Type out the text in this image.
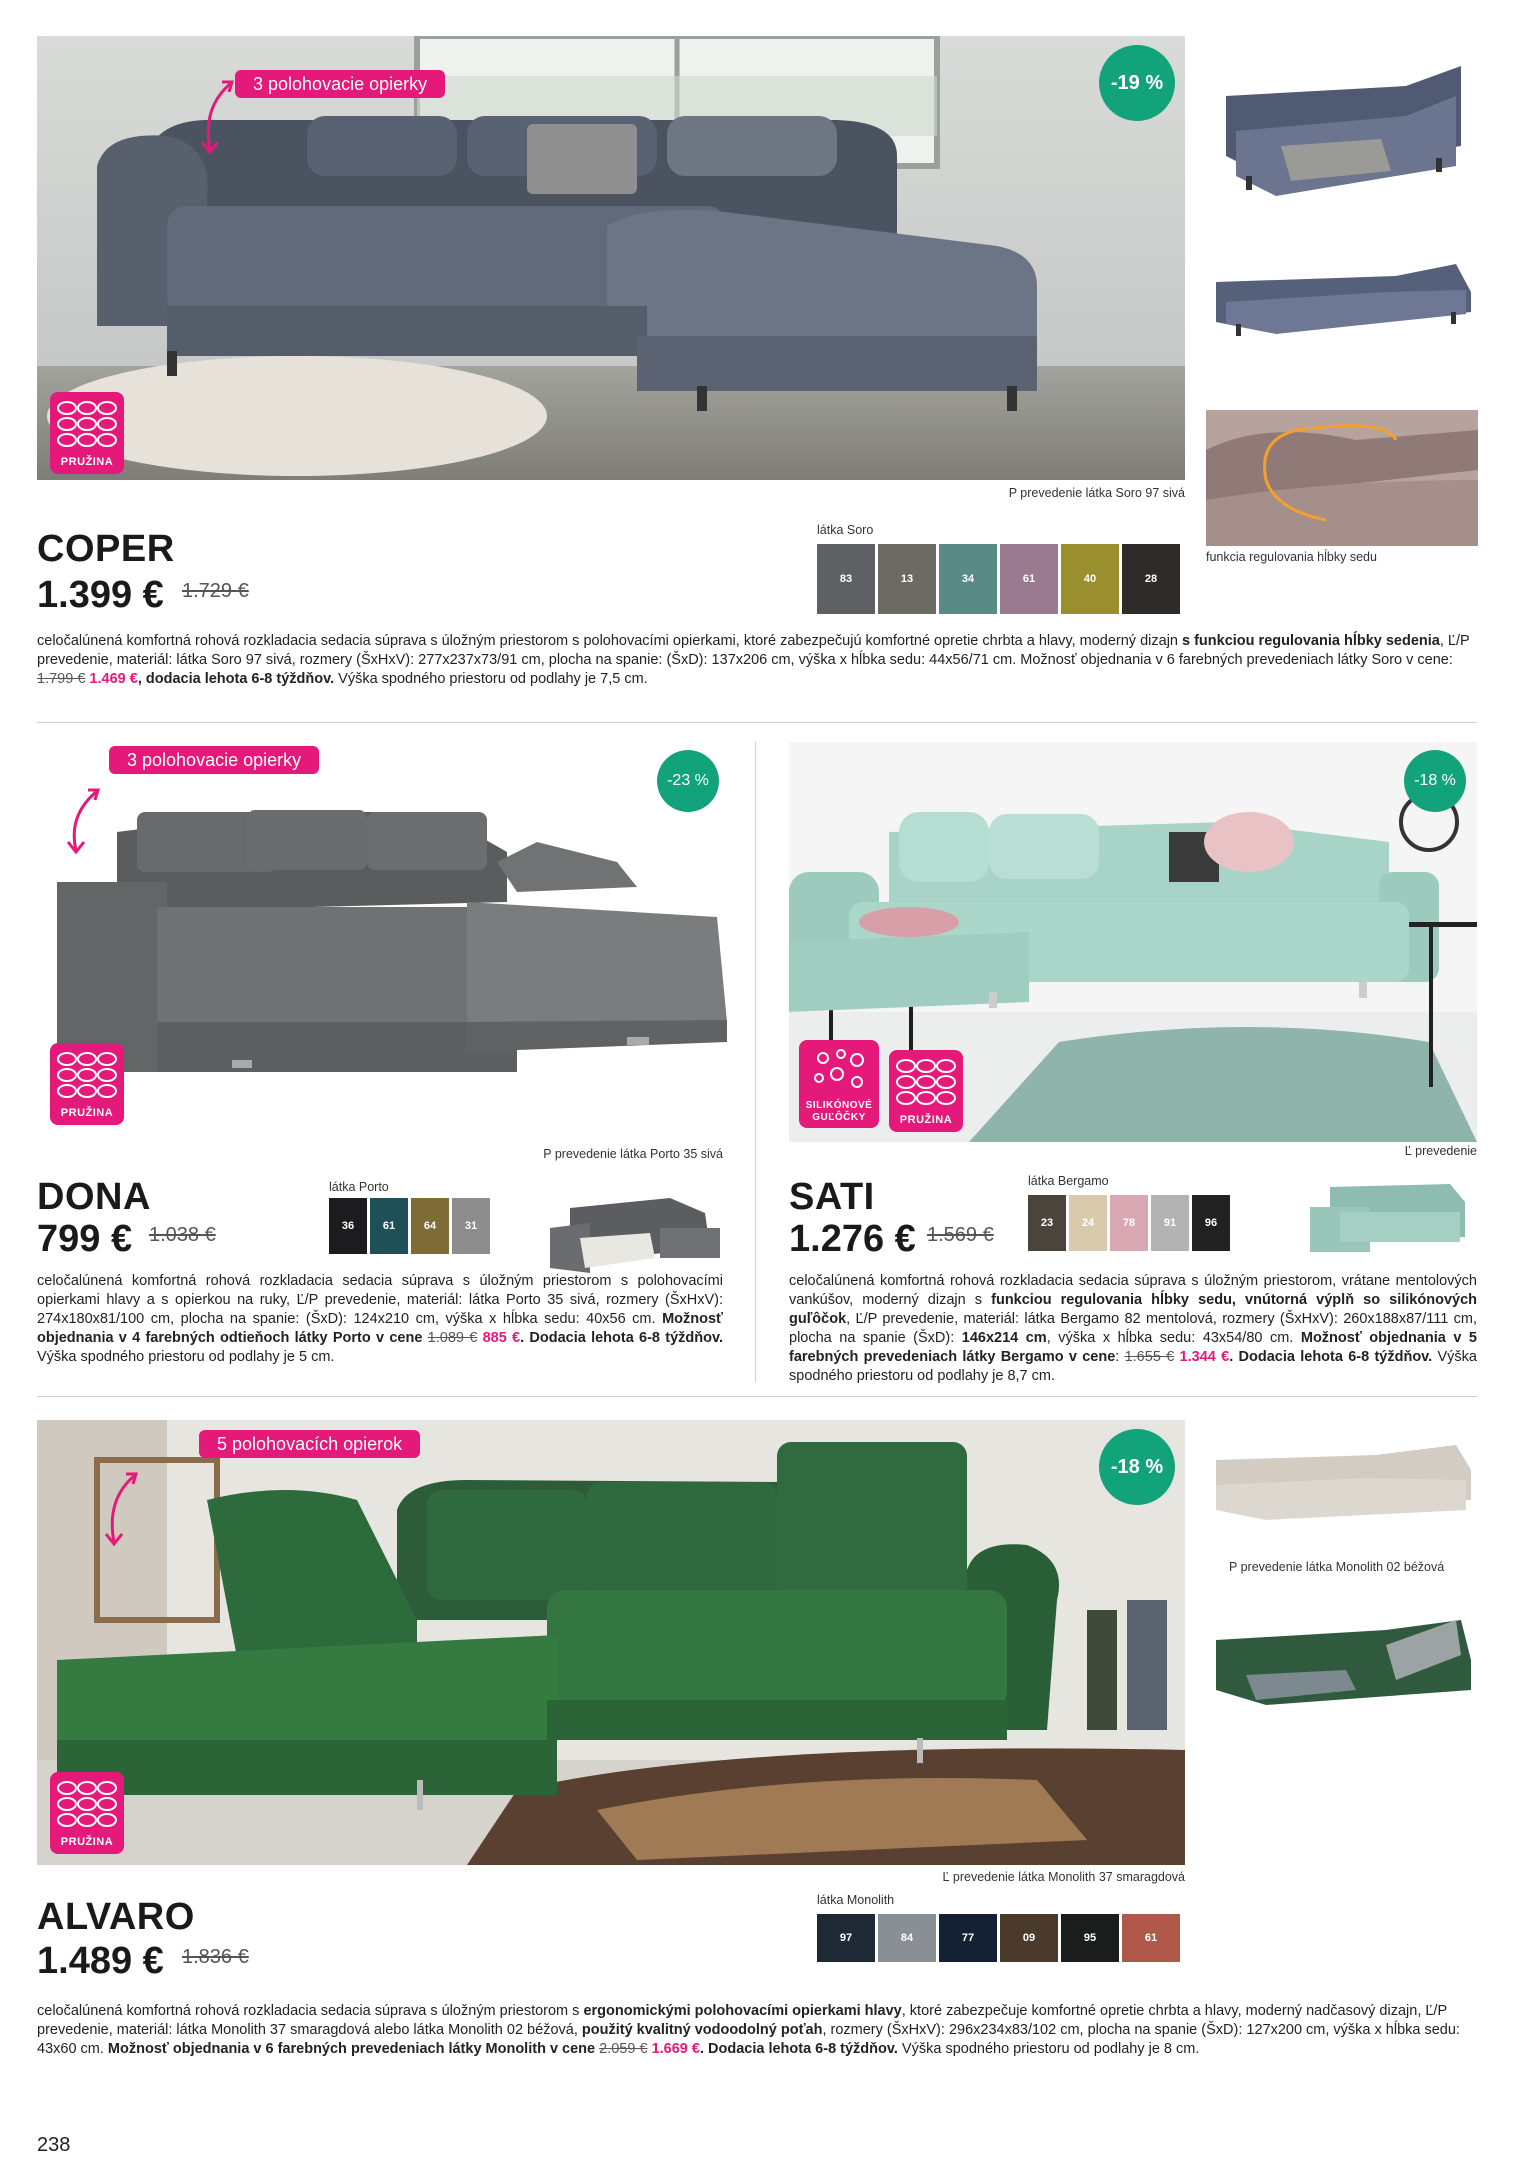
3 polohovacie opierky	-19 %
PRUŽINA
P prevedenie látka Soro 97 sivá
funkcia regulovania hĺbky sedu
COPER
1.399 € 1.729 €
látka Soro
83	13	34	61	40	28
celočalúnená komfortná rohová rozkladacia sedacia súprava s úložným priestorom s polohovacími opierkami, ktoré zabezpečujú komfortné opretie chrbta a hlavy, moderný dizajn s funkciou regulovania hĺbky sedenia, Ľ/P prevedenie, materiál: látka Soro 97 sivá, rozmery (ŠxHxV): 277x237x73/91 cm, plocha na spanie: (ŠxD): 137x206 cm, výška x hĺbka sedu: 44x56/71 cm. Možnosť objednania v 6 farebných prevedeniach látky Soro v cene: 1.799 € 1.469 €, dodacia lehota 6-8 týždňov. Výška spodného priestoru od podlahy je 7,5 cm.
3 polohovacie opierky
-23 %
PRUŽINA
P prevedenie látka Porto 35 sivá
DONA
799 € 1.038 €
látka Porto
36	61	64	31
celočalúnená komfortná rohová rozkladacia sedacia súprava s úložným priestorom s polohovacími opierkami hlavy a s opierkou na ruky, Ľ/P prevedenie, materiál: látka Porto 35 sivá, rozmery (ŠxHxV): 274x180x81/100 cm, plocha na spanie: (ŠxD): 124x210 cm, výška x hĺbka sedu: 40x56 cm. Možnosť objednania v 4 farebných odtieňoch látky Porto v cene 1.089 € 885 €. Dodacia lehota 6-8 týždňov. Výška spodného priestoru od podlahy je 5 cm.
-18 %
SILIKÓNOVÉ
GUĽÔČKY	PRUŽINA
Ľ prevedenie
SATI
1.276 € 1.569 €
látka Bergamo
23	24	78	91	96
celočalúnená komfortná rohová rozkladacia sedacia súprava s úložným priestorom, vrátane mentolových vankúšov, moderný dizajn s funkciou regulovania hĺbky sedu, vnútorná výplň so silikónových guľôčok, Ľ/P prevedenie, materiál: látka Bergamo 82 mentolová, rozmery (ŠxHxV): 260x188x87/111 cm, plocha na spanie (ŠxD): 146x214 cm, výška x hĺbka sedu: 43x54/80 cm. Možnosť objednania v 5 farebných prevedeniach látky Bergamo v cene: 1.655 € 1.344 €. Dodacia lehota 6-8 týždňov. Výška spodného priestoru od podlahy je 8,7 cm.
5 polohovacích opierok
-18 %
PRUŽINA
Ľ prevedenie látka Monolith 37 smaragdová
P prevedenie látka Monolith 02 béžová
ALVARO
1.489 € 1.836 €
látka Monolith
97	84	77	09	95	61
celočalúnená komfortná rohová rozkladacia sedacia súprava s úložným priestorom s ergonomickými polohovacími opierkami hlavy, ktoré zabezpečuje komfortné opretie chrbta a hlavy, moderný nadčasový dizajn, Ľ/P prevedenie, materiál: látka Monolith 37 smaragdová alebo látka Monolith 02 béžová, použitý kvalitný vodoodolný poťah, rozmery (ŠxHxV): 296x234x83/102 cm, plocha na spanie (ŠxD): 127x200 cm, výška x hĺbka sedu: 43x60 cm. Možnosť objednania v 6 farebných prevedeniach látky Monolith v cene 2.059 € 1.669 €. Dodacia lehota 6-8 týždňov. Výška spodného priestoru od podlahy je 8 cm.
238
